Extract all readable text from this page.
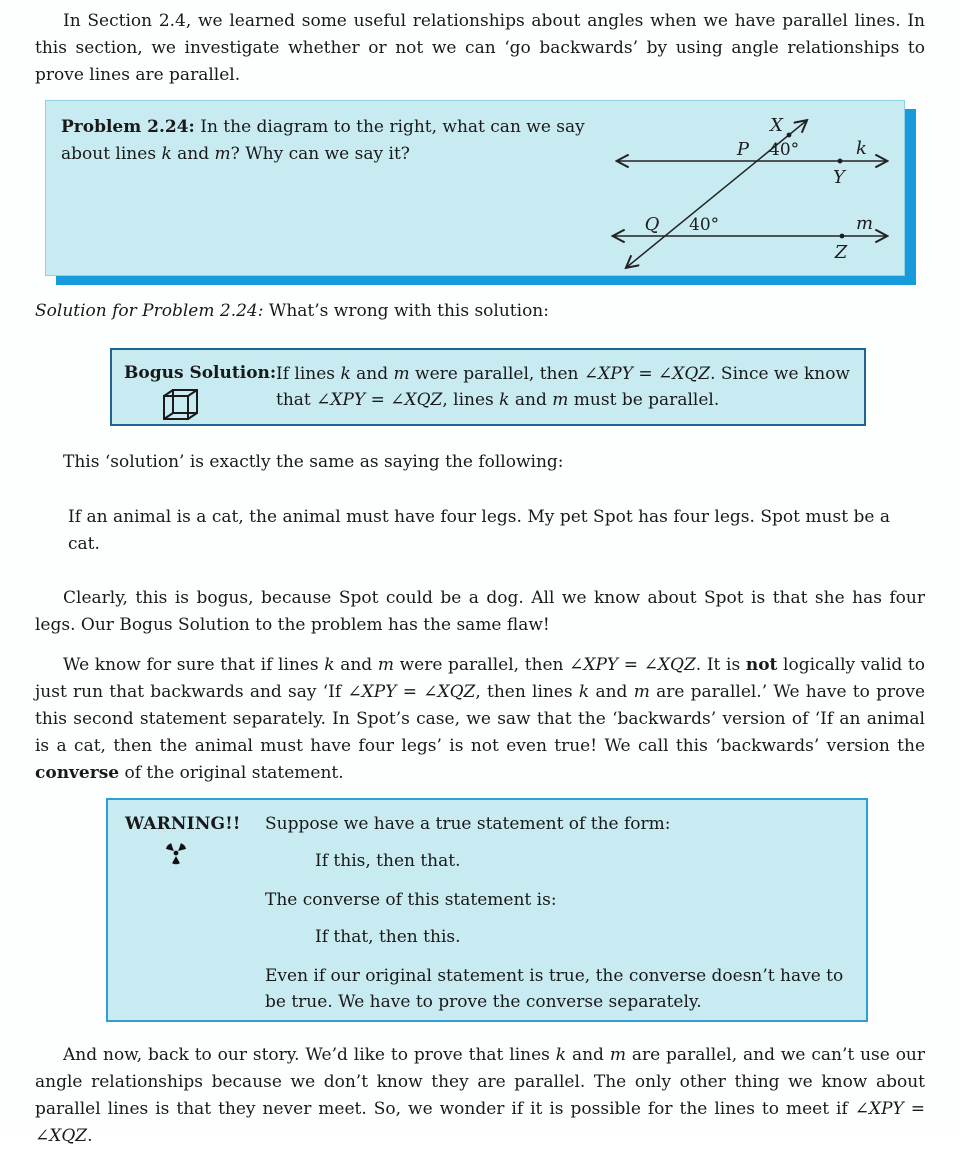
In Section 2.4, we learned some useful relationships about angles when we have parallel lines. In this section, we investigate whether or not we can ‘go backwards’ by using angle relationships to prove lines are parallel.

Problem 2.24: In the diagram to the right, what can we say about lines k and m? Why can we say it?
X
P 40°	k
Y
Q 40°	m
Z

Solution for Problem 2.24: What’s wrong with this solution:

Bogus Solution: If lines k and m were parallel, then ∠XPY = ∠XQZ. Since we know that ∠XPY = ∠XQZ, lines k and m must be parallel.

This ‘solution’ is exactly the same as saying the following:

If an animal is a cat, the animal must have four legs. My pet Spot has four legs. Spot must be a cat.

Clearly, this is bogus, because Spot could be a dog. All we know about Spot is that she has four legs. Our Bogus Solution to the problem has the same flaw!

We know for sure that if lines k and m were parallel, then ∠XPY = ∠XQZ. It is not logically valid to just run that backwards and say ‘If ∠XPY = ∠XQZ, then lines k and m are parallel.’ We have to prove this second statement separately. In Spot’s case, we saw that the ‘backwards’ version of ‘If an animal is a cat, then the animal must have four legs’ is not even true! We call this ‘backwards’ version the converse of the original statement.

WARNING!!	Suppose we have a true statement of the form:

If this, then that.

The converse of this statement is:

If that, then this.

Even if our original statement is true, the converse doesn’t have to be true. We have to prove the converse separately.

And now, back to our story. We’d like to prove that lines k and m are parallel, and we can’t use our angle relationships because we don’t know they are parallel. The only other thing we know about parallel lines is that they never meet. So, we wonder if it is possible for the lines to meet if ∠XPY = ∠XQZ.
